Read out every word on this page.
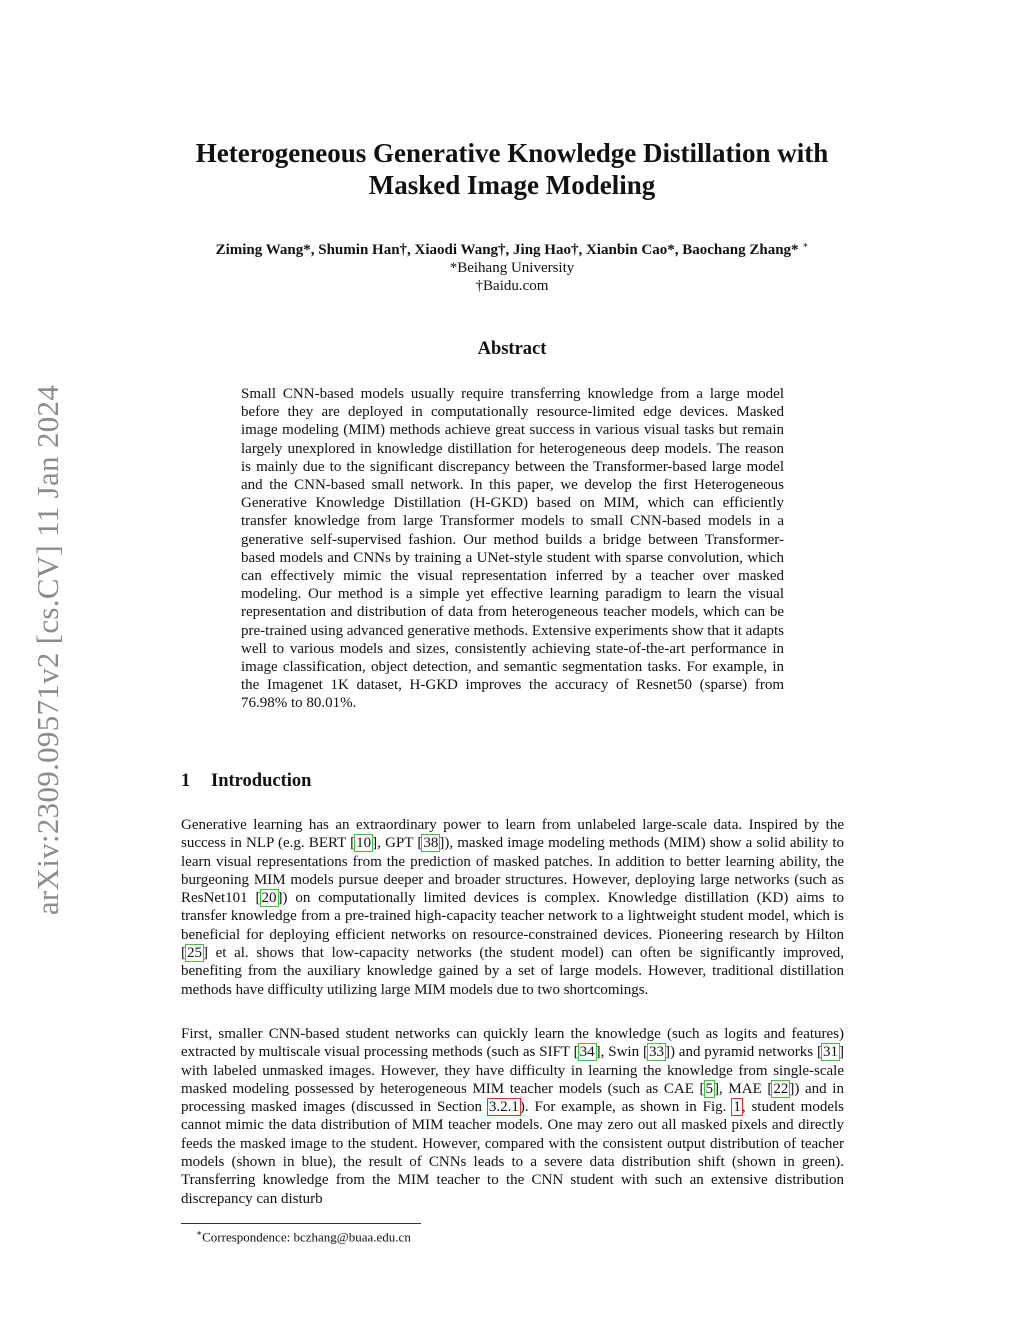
arXiv:2309.09571v2 [cs.CV] 11 Jan 2024
Heterogeneous Generative Knowledge Distillation with
Masked Image Modeling
Ziming Wang*, Shumin Han†, Xiaodi Wang†, Jing Hao†, Xianbin Cao*, Baochang Zhang* ∗
*Beihang University
†Baidu.com
Abstract

Small CNN-based models usually require transferring knowledge from a large model before they are deployed in computationally resource-limited edge devices. Masked image modeling (MIM) methods achieve great success in various visual tasks but remain largely unexplored in knowledge distillation for heterogeneous deep models. The reason is mainly due to the significant discrepancy between the Transformer-based large model and the CNN-based small network. In this paper, we develop the first Heterogeneous Generative Knowledge Distillation (H-GKD) based on MIM, which can efficiently transfer knowledge from large Transformer models to small CNN-based models in a generative self-supervised fashion. Our method builds a bridge between Transformer-based models and CNNs by training a UNet-style student with sparse convolution, which can effectively mimic the visual representation inferred by a teacher over masked modeling. Our method is a simple yet effective learning paradigm to learn the visual representation and distribution of data from heterogeneous teacher models, which can be pre-trained using advanced generative methods. Extensive experiments show that it adapts well to various models and sizes, consistently achieving state-of-the-art performance in image classification, object detection, and semantic segmentation tasks. For example, in the Imagenet 1K dataset, H-GKD improves the accuracy of Resnet50 (sparse) from 76.98% to 80.01%.

1 Introduction

Generative learning has an extraordinary power to learn from unlabeled large-scale data. Inspired by the success in NLP (e.g. BERT [10], GPT [38]), masked image modeling methods (MIM) show a solid ability to learn visual representations from the prediction of masked patches. In addition to better learning ability, the burgeoning MIM models pursue deeper and broader structures. However, deploying large networks (such as ResNet101 [20]) on computationally limited devices is complex. Knowledge distillation (KD) aims to transfer knowledge from a pre-trained high-capacity teacher network to a lightweight student model, which is beneficial for deploying efficient networks on resource-constrained devices. Pioneering research by Hilton [25] et al. shows that low-capacity networks (the student model) can often be significantly improved, benefiting from the auxiliary knowledge gained by a set of large models. However, traditional distillation methods have difficulty utilizing large MIM models due to two shortcomings.

First, smaller CNN-based student networks can quickly learn the knowledge (such as logits and features) extracted by multiscale visual processing methods (such as SIFT [34], Swin [33]) and pyramid networks [31] with labeled unmasked images. However, they have difficulty in learning the knowledge from single-scale masked modeling possessed by heterogeneous MIM teacher models (such as CAE [5], MAE [22]) and in processing masked images (discussed in Section 3.2.1). For example, as shown in Fig. 1, student models cannot mimic the data distribution of MIM teacher models. One may zero out all masked pixels and directly feeds the masked image to the student. However, compared with the consistent output distribution of teacher models (shown in blue), the result of CNNs leads to a severe data distribution shift (shown in green). Transferring knowledge from the MIM teacher to the CNN student with such an extensive distribution discrepancy can disturb

∗Correspondence: bczhang@buaa.edu.cn
